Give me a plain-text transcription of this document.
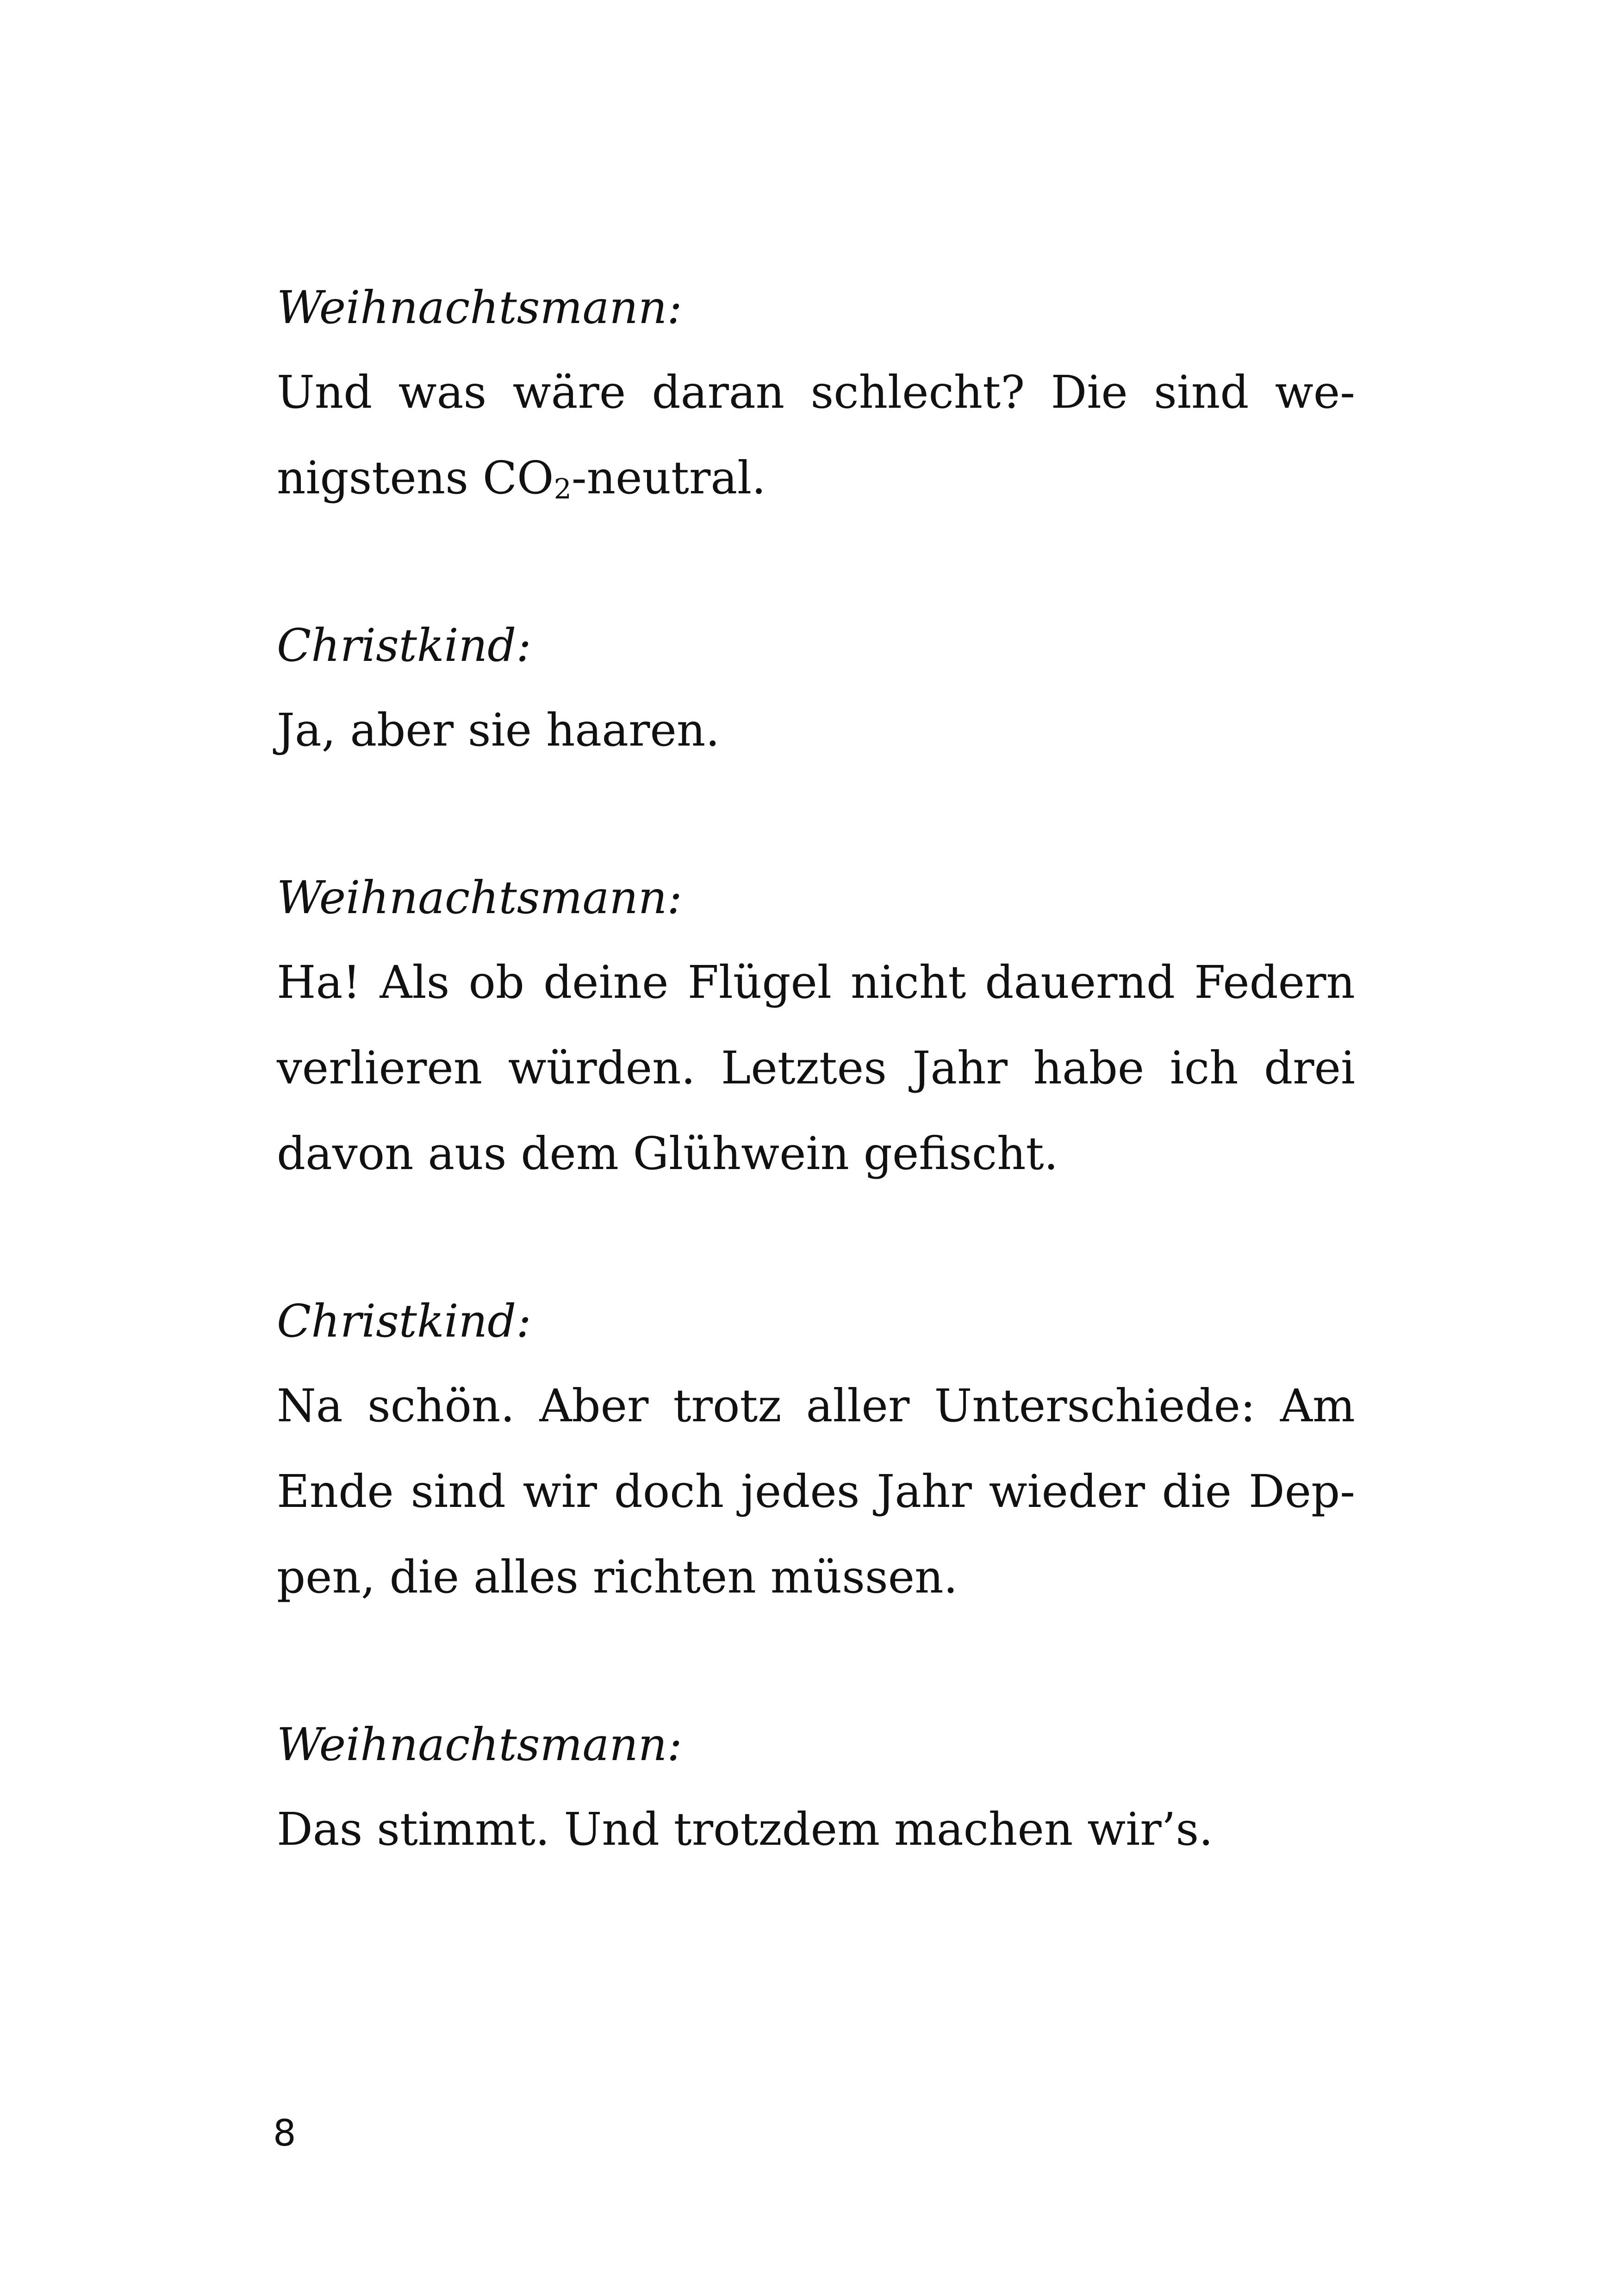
Weihnachtsmann:
Und was wäre daran schlecht? Die sind we-
nigstens CO2-neutral.
Christkind:
Ja, aber sie haaren.
Weihnachtsmann:
Ha! Als ob deine Flügel nicht dauernd Federn
verlieren würden. Letztes Jahr habe ich drei
davon aus dem Glühwein gefischt.
Christkind:
Na schön. Aber trotz aller Unterschiede: Am
Ende sind wir doch jedes Jahr wieder die Dep-
pen, die alles richten müssen.
Weihnachtsmann:
Das stimmt. Und trotzdem machen wir’s.
8
